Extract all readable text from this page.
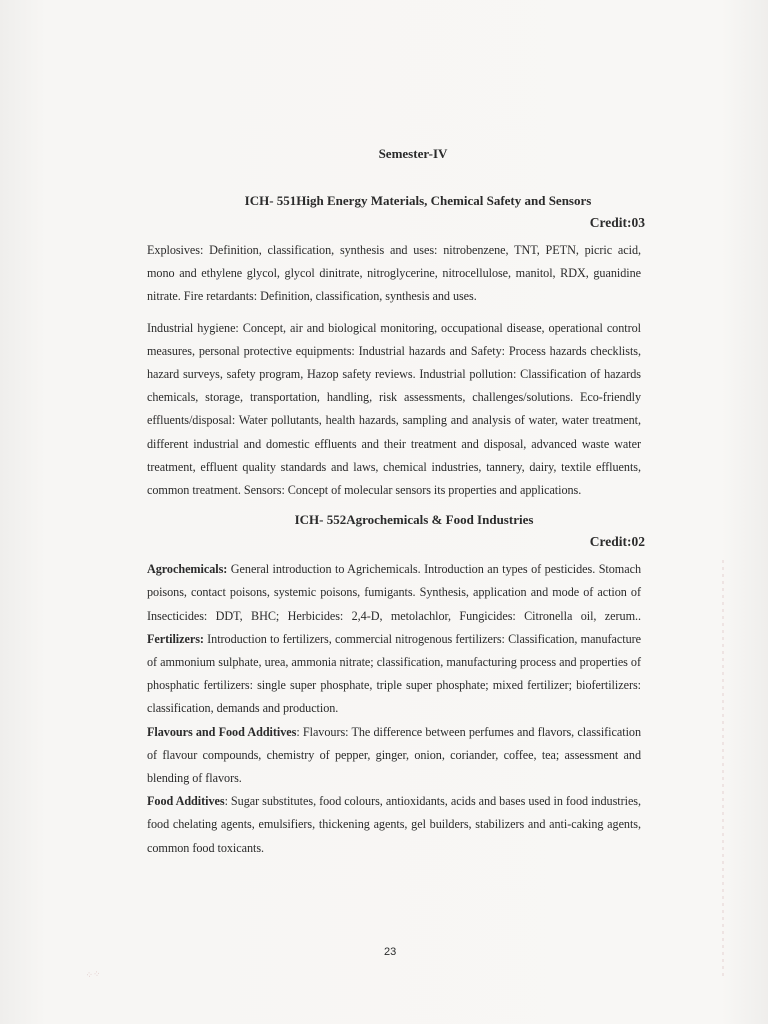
Semester-IV
ICH- 551High Energy Materials, Chemical Safety and Sensors
Credit:03

Explosives: Definition, classification, synthesis and uses: nitrobenzene, TNT, PETN, picric acid, mono and ethylene glycol, glycol dinitrate, nitroglycerine, nitrocellulose, manitol, RDX, guanidine nitrate. Fire retardants: Definition, classification, synthesis and uses.

Industrial hygiene: Concept, air and biological monitoring, occupational disease, operational control measures, personal protective equipments: Industrial hazards and Safety: Process hazards checklists, hazard surveys, safety program, Hazop safety reviews. Industrial pollution: Classification of hazards chemicals, storage, transportation, handling, risk assessments, challenges/solutions. Eco-friendly effluents/disposal: Water pollutants, health hazards, sampling and analysis of water, water treatment, different industrial and domestic effluents and their treatment and disposal, advanced waste water treatment, effluent quality standards and laws, chemical industries, tannery, dairy, textile effluents, common treatment. Sensors: Concept of molecular sensors its properties and applications.

ICH- 552Agrochemicals & Food Industries
Credit:02

Agrochemicals: General introduction to Agrichemicals. Introduction an types of pesticides. Stomach poisons, contact poisons, systemic poisons, fumigants. Synthesis, application and mode of action of Insecticides: DDT, BHC; Herbicides: 2,4-D, metolachlor, Fungicides: Citronella oil, zerum.. Fertilizers: Introduction to fertilizers, commercial nitrogenous fertilizers: Classification, manufacture of ammonium sulphate, urea, ammonia nitrate; classification, manufacturing process and properties of phosphatic fertilizers: single super phosphate, triple super phosphate; mixed fertilizer; biofertilizers: classification, demands and production.

Flavours and Food Additives: Flavours: The difference between perfumes and flavors, classification of flavour compounds, chemistry of pepper, ginger, onion, coriander, coffee, tea; assessment and blending of flavors.

Food Additives: Sugar substitutes, food colours, antioxidants, acids and bases used in food industries, food chelating agents, emulsifiers, thickening agents, gel builders, stabilizers and anti-caking agents, common food toxicants.

23
⁘⁘
